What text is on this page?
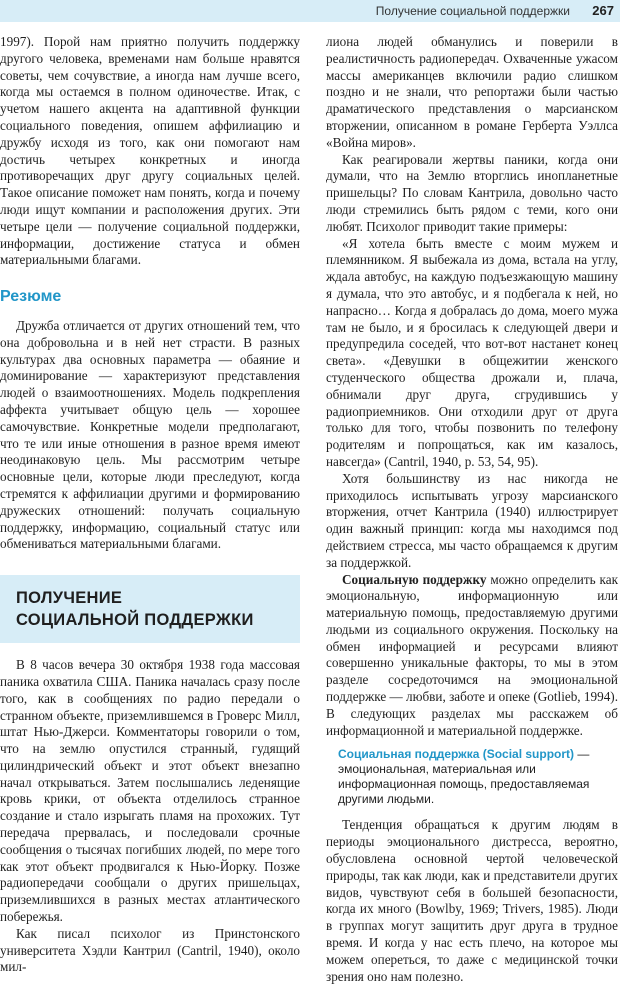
Получение социальной поддержки 267

1997). Порой нам приятно получить поддержку другого человека, временами нам больше нравятся советы, чем сочувствие, а иногда нам лучше всего, когда мы остаемся в полном одиночестве. Итак, с учетом нашего акцента на адаптивной функции социального поведения, опишем аффилиацию и дружбу исходя из того, как они помогают нам достичь четырех конкретных и иногда противоречащих друг другу социальных целей. Такое описание поможет нам понять, когда и почему люди ищут компании и расположения других. Эти четыре цели — получение социальной поддержки, информации, достижение статуса и обмен материальными благами.

Резюме

Дружба отличается от других отношений тем, что она добровольна и в ней нет страсти. В разных культурах два основных параметра — обаяние и доминирование — характеризуют представления людей о взаимоотношениях. Модель подкрепления аффекта учитывает общую цель — хорошее самочувствие. Конкретные модели предполагают, что те или иные отношения в разное время имеют неодинаковую цель. Мы рассмотрим четыре основные цели, которые люди преследуют, когда стремятся к аффилиации другими и формированию дружеских отношений: получать социальную поддержку, информацию, социальный статус или обмениваться материальными благами.

ПОЛУЧЕНИЕ
СОЦИАЛЬНОЙ ПОДДЕРЖКИ

В 8 часов вечера 30 октября 1938 года массовая паника охватила США. Паника началась сразу после того, как в сообщениях по радио передали о странном объекте, приземлившемся в Гроверс Милл, штат Нью-Джерси. Комментаторы говорили о том, что на землю опустился странный, гудящий цилиндрический объект и этот объект внезапно начал открываться. Затем послышались леденящие кровь крики, от объекта отделилось странное создание и стало изрыгать пламя на прохожих. Тут передача прервалась, и последовали срочные сообщения о тысячах погибших людей, по мере того как этот объект продвигался к Нью-Йорку. Позже радиопередачи сообщали о других пришельцах, приземлившихся в разных местах атлантического побережья.

Как писал психолог из Принстонского университета Хэдли Кантрил (Cantril, 1940), около мил-

лиона людей обманулись и поверили в реалистичность радиопередач. Охваченные ужасом массы американцев включили радио слишком поздно и не знали, что репортажи были частью драматического представления о марсианском вторжении, описанном в романе Герберта Уэллса «Война миров».

Как реагировали жертвы паники, когда они думали, что на Землю вторглись инопланетные пришельцы? По словам Кантрила, довольно часто люди стремились быть рядом с теми, кого они любят. Психолог приводит такие примеры:

«Я хотела быть вместе с моим мужем и племянником. Я выбежала из дома, встала на углу, ждала автобус, на каждую подъезжающую машину я думала, что это автобус, и я подбегала к ней, но напрасно… Когда я добралась до дома, моего мужа там не было, и я бросилась к следующей двери и предупредила соседей, что вот-вот настанет конец света». «Девушки в общежитии женского студенческого общества дрожали и, плача, обнимали друг друга, сгрудившись у радиоприемников. Они отходили друг от друга только для того, чтобы позвонить по телефону родителям и попрощаться, как им казалось, навсегда» (Cantril, 1940, p. 53, 54, 95).

Хотя большинству из нас никогда не приходилось испытывать угрозу марсианского вторжения, отчет Кантрила (1940) иллюстрирует один важный принцип: когда мы находимся под действием стресса, мы часто обращаемся к другим за поддержкой.

Социальную поддержку можно определить как эмоциональную, информационную или материальную помощь, предоставляемую другими людьми из социального окружения. Поскольку на обмен информацией и ресурсами влияют совершенно уникальные факторы, то мы в этом разделе сосредоточимся на эмоциональной поддержке — любви, заботе и опеке (Gotlieb, 1994). В следующих разделах мы расскажем об информационной и материальной поддержке.

Социальная поддержка (Social support) — эмоциональная, материальная или информационная помощь, предоставляемая другими людьми.

Тенденция обращаться к другим людям в периоды эмоционального дистресса, вероятно, обусловлена основной чертой человеческой природы, так как люди, как и представители других видов, чувствуют себя в большей безопасности, когда их много (Bowlby, 1969; Trivers, 1985). Люди в группах могут защитить друг друга в трудное время. И когда у нас есть плечо, на которое мы можем опереться, то даже с медицинской точки зрения оно нам полезно.
